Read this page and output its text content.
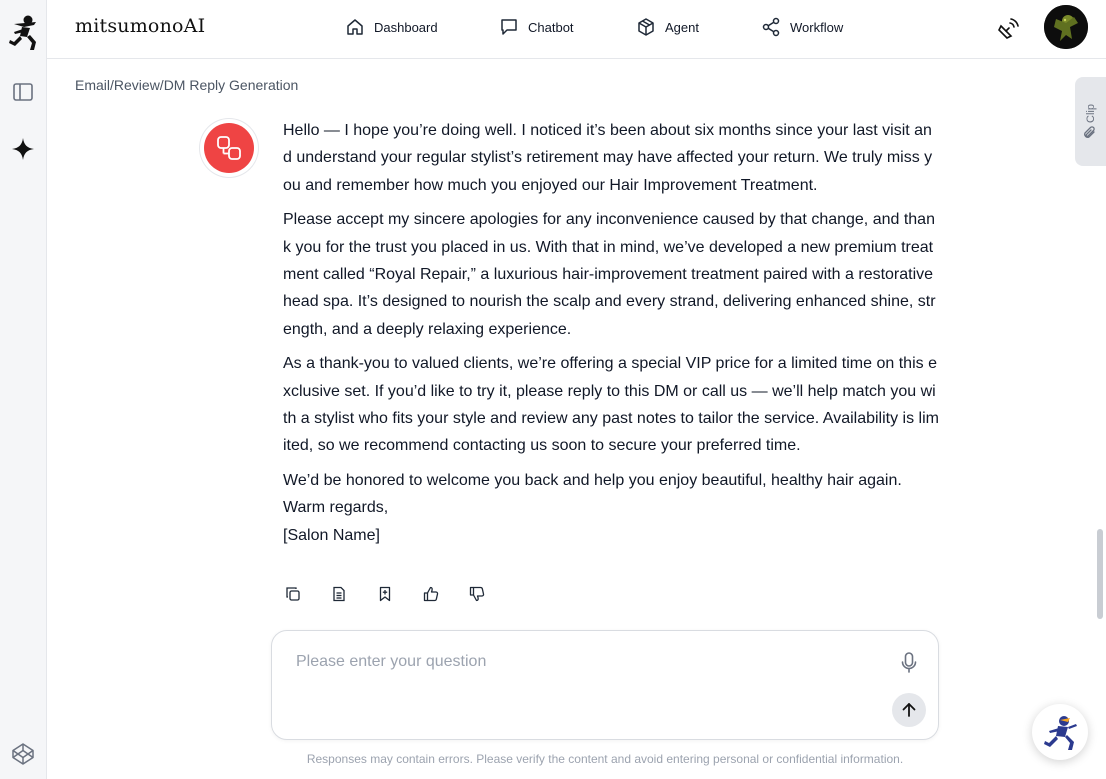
mitsumonoAI	Dashboard	Chatbot	Agent	Workflow
Email/Review/DM Reply Generation
Clip

Hello — I hope you’re doing well. I noticed it’s been about six months since your last visit and understand your regular stylist’s retirement may have affected your return. We truly miss you and remember how much you enjoyed our Hair Improvement Treatment.

Please accept my sincere apologies for any inconvenience caused by that change, and thank you for the trust you placed in us. With that in mind, we’ve developed a new premium treatment called “Royal Repair,” a luxurious hair-improvement treatment paired with a restorative head spa. It’s designed to nourish the scalp and every strand, delivering enhanced shine, strength, and a deeply relaxing experience.

As a thank-you to valued clients, we’re offering a special VIP price for a limited time on this exclusive set. If you’d like to try it, please reply to this DM or call us — we’ll help match you with a stylist who fits your style and review any past notes to tailor the service. Availability is limited, so we recommend contacting us soon to secure your preferred time.

We’d be honored to welcome you back and help you enjoy beautiful, healthy hair again.
Warm regards,
[Salon Name]
Please enter your question
Responses may contain errors. Please verify the content and avoid entering personal or confidential information.
